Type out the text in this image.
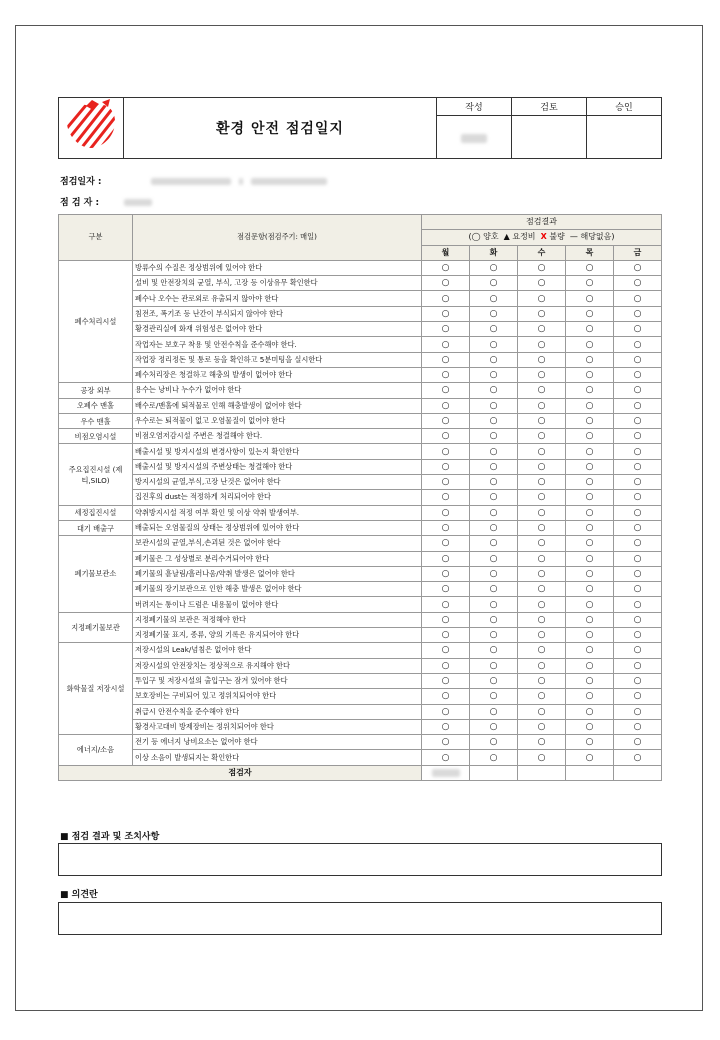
	환경 안전 점검일지	작성	검토	승인

점검일자 :
점 검 자 :
구분	점검문항(점검주기: 매일)	점검결과				
		(◯ 양호 ▲ 요정비 X 불량 — 해당없음)				
		월	화	수	목	금
폐수처리시설	방류수의 수질은 정상범위에 있어야 한다	○	○	○	○	○
	설비 및 안전장치의 균열, 부식, 고장 등 이상유무 확인한다	○	○	○	○	○
	폐수나 오수는 관로외로 유출되지 않아야 한다	○	○	○	○	○
	침전조, 폭기조 등 난간이 부식되지 않아야 한다	○	○	○	○	○
	황경관리실에 화재 위험성은 없어야 한다	○	○	○	○	○
	작업자는 보호구 착용 및 안전수칙을 준수해야 한다.	○	○	○	○	○
	작업장 정리정돈 및 통로 등을 확인하고 5분미팅을 실시한다	○	○	○	○	○
	폐수처리장은 청결하고 해충의 발생이 없어야 한다	○	○	○	○	○
공장 외부	용수는 낭비나 누수가 없어야 한다	○	○	○	○	○
오폐수 맨홀	배수로/맨홀에 퇴적물로 인해 해충발생이 없어야 한다	○	○	○	○	○
우수 맨홀	우수로는 퇴적물이 없고 오염물질이 없어야 한다	○	○	○	○	○
비점오염시설	비점오염저감시설 주변은 청결해야 한다.	○	○	○	○	○
주요집진시설 (제티,SILO)	배출시설 및 방지시설의 변경사항이 있는지 확인한다	○	○	○	○	○
	배출시설 및 방지시설의 주변상태는 청결해야 한다	○	○	○	○	○
	방지시설의 균열,부식,고장 난것은 없어야 한다	○	○	○	○	○
	집진후의 dust는 적정하게 처리되어야 한다	○	○	○	○	○
세정집진시설	약취방지시설 적정 여부 확인 및 이상 약취 발생여부.	○	○	○	○	○
대기 배출구	배출되는 오염물질의 상태는 정상범위에 있어야 한다	○	○	○	○	○
폐기물보관소	보관시설의 균열,부식,손괴된 것은 없어야 한다	○	○	○	○	○
	폐기물은 그 성상별로 분리수거되어야 한다	○	○	○	○	○
	폐기물의 흩날림/흘러나옴/약취 발생은 없어야 한다	○	○	○	○	○
	폐기물의 장기보관으로 인한 해충 발생은 없어야 한다	○	○	○	○	○
	버려지는 통이나 드럼은 내용물이 없어야 한다	○	○	○	○	○
지정폐기물보관	지정폐기물의 보관은 적정해야 한다	○	○	○	○	○
	지정폐기물 표지, 종류, 양의 기록은 유지되어야 한다	○	○	○	○	○
화학물질 저장시설	저장시설의 Leak/넘침은 없어야 한다	○	○	○	○	○
	저장시설의 안전장치는 정상적으로 유지해야 한다	○	○	○	○	○
	투입구 및 저장시설의 출입구는 잠겨 있어야 한다	○	○	○	○	○
	보호장비는 구비되어 있고 정위치되어야 한다	○	○	○	○	○
	취급시 안전수칙을 준수해야 한다	○	○	○	○	○
	황경사고대비 방제장비는 정위치되어야 한다	○	○	○	○	○
에너지/소음	전기 등 에너지 낭비요소는 없어야 한다	○	○	○	○	○
	이상 소음이 발생되지는 확인한다	○	○	○	○	○
점검자						
■ 점검 결과 및 조치사항
■ 의견란
